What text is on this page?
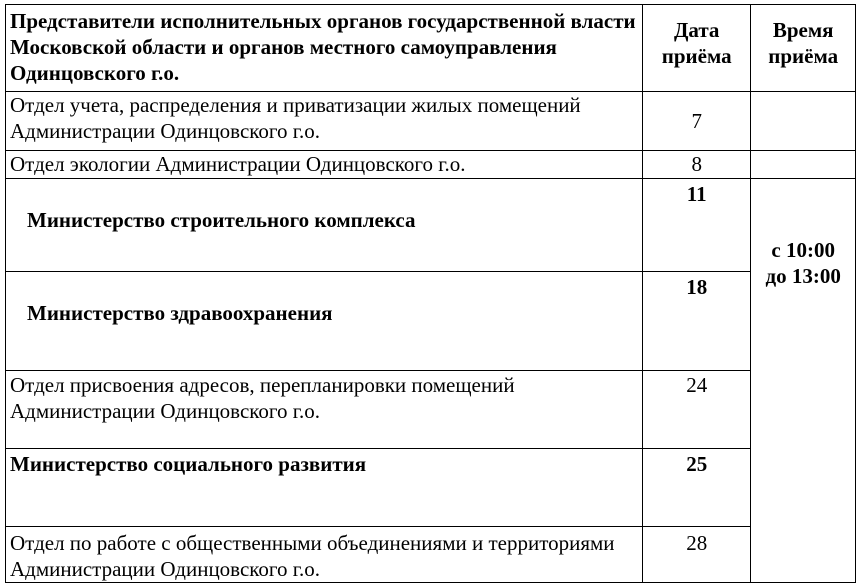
Представители исполнительных органов государственной власти Московской области и органов местного самоуправления Одинцовского г.о.	Дата приёма	Время приёма
Отдел учета, распределения и приватизации жилых помещений Администрации Одинцовского г.о.	7	
Отдел экологии Администрации Одинцовского г.о.	8	
Министерство строительного комплекса	11	с 10:00
до 13:00

Министерство здравоохранения	18	
Отдел присвоения адресов, перепланировки помещений Администрации Одинцовского г.о.	24	
Министерство социального развития	25	
Отдел по работе с общественными объединениями и территориями Администрации Одинцовского г.о.	28	
